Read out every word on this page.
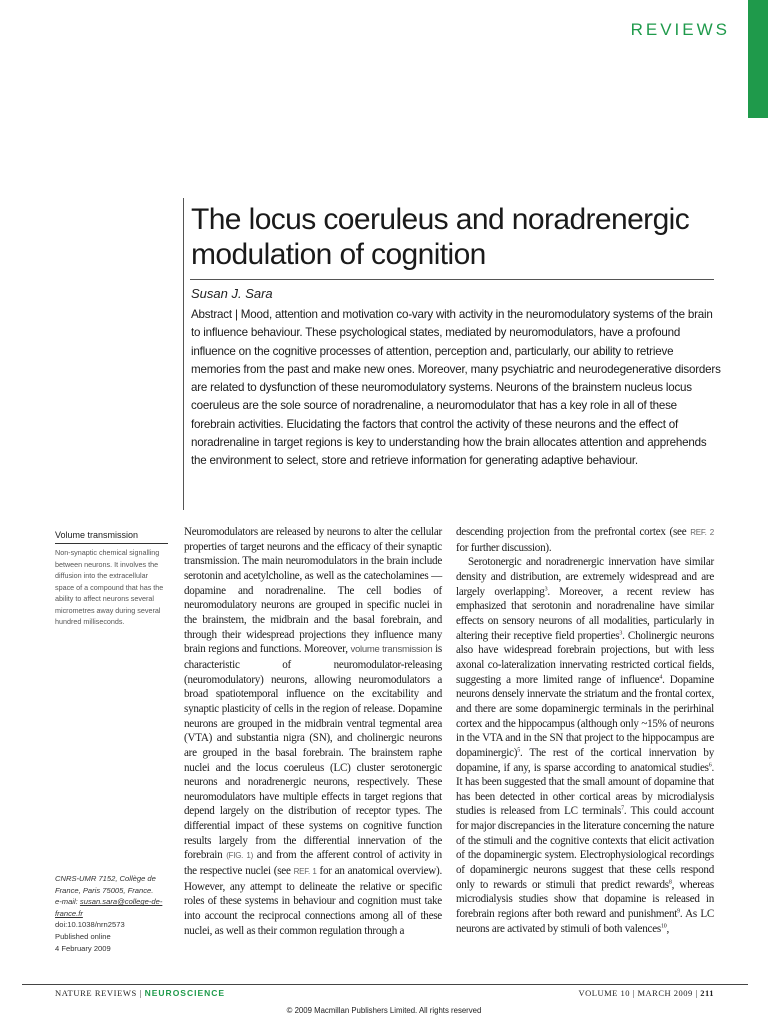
REVIEWS
The locus coeruleus and noradrenergic modulation of cognition
Susan J. Sara
Abstract | Mood, attention and motivation co-vary with activity in the neuromodulatory systems of the brain to influence behaviour. These psychological states, mediated by neuromodulators, have a profound influence on the cognitive processes of attention, perception and, particularly, our ability to retrieve memories from the past and make new ones. Moreover, many psychiatric and neurodegenerative disorders are related to dysfunction of these neuromodulatory systems. Neurons of the brainstem nucleus locus coeruleus are the sole source of noradrenaline, a neuromodulator that has a key role in all of these forebrain activities. Elucidating the factors that control the activity of these neurons and the effect of noradrenaline in target regions is key to understanding how the brain allocates attention and apprehends the environment to select, store and retrieve information for generating adaptive behaviour.
Volume transmission
Non-synaptic chemical signalling between neurons. It involves the diffusion into the extracellular space of a compound that has the ability to affect neurons several micrometres away during several hundred milliseconds.
CNRS-UMR 7152, Collège de France, Paris 75005, France.
e-mail: susan.sara@college-de-france.fr
doi:10.1038/nrn2573
Published online
4 February 2009

Neuromodulators are released by neurons to alter the cellular properties of target neurons and the efficacy of their synaptic transmission. The main neuromodulators in the brain include serotonin and acetylcholine, as well as the catecholamines — dopamine and noradrenaline. The cell bodies of neuromodulatory neurons are grouped in specific nuclei in the brainstem, the midbrain and the basal forebrain, and through their widespread projections they influence many brain regions and functions. Moreover, volume transmission is characteristic of neuromodulator-releasing (neuromodulatory) neurons, allowing neuromodulators a broad spatiotemporal influence on the excitability and synaptic plasticity of cells in the region of release. Dopamine neurons are grouped in the midbrain ventral tegmental area (VTA) and substantia nigra (SN), and cholinergic neurons are grouped in the basal forebrain. The brainstem raphe nuclei and the locus coeruleus (LC) cluster serotonergic neurons and noradrenergic neurons, respectively. These neuromodulators have multiple effects in target regions that depend largely on the distribution of receptor types. The differential impact of these systems on cognitive function results largely from the differential innervation of the forebrain (FIG. 1) and from the afferent control of activity in the respective nuclei (see REF. 1 for an anatomical overview). However, any attempt to delineate the relative or specific roles of these systems in behaviour and cognition must take into account the reciprocal connections among all of these nuclei, as well as their common regulation through a

descending projection from the prefrontal cortex (see REF. 2 for further discussion).

Serotonergic and noradrenergic innervation have similar density and distribution, are extremely widespread and are largely overlapping$^3$. Moreover, a recent review has emphasized that serotonin and noradrenaline have similar effects on sensory neurons of all modalities, particularly in altering their receptive field properties$^3$. Cholinergic neurons also have widespread forebrain projections, but with less axonal co-lateralization innervating restricted cortical fields, suggesting a more limited range of influence$^4$. Dopamine neurons densely innervate the striatum and the frontal cortex, and there are some dopaminergic terminals in the perirhinal cortex and the hippocampus (although only ~15% of neurons in the VTA and in the SN that project to the hippocampus are dopaminergic)$^5$. The rest of the cortical innervation by dopamine, if any, is sparse according to anatomical studies$^6$. It has been suggested that the small amount of dopamine that has been detected in other cortical areas by microdialysis studies is released from LC terminals$^7$. This could account for major discrepancies in the literature concerning the nature of the stimuli and the cognitive contexts that elicit activation of the dopaminergic system. Electrophysiological recordings of dopaminergic neurons suggest that these cells respond only to rewards or stimuli that predict rewards$^8$, whereas microdialysis studies show that dopamine is released in forebrain regions after both reward and punishment$^9$. As LC neurons are activated by stimuli of both valences$^{10}$,

NATURE REVIEWS | NEUROSCIENCE	VOLUME 10 | MARCH 2009 | 211
© 2009 Macmillan Publishers Limited. All rights reserved
